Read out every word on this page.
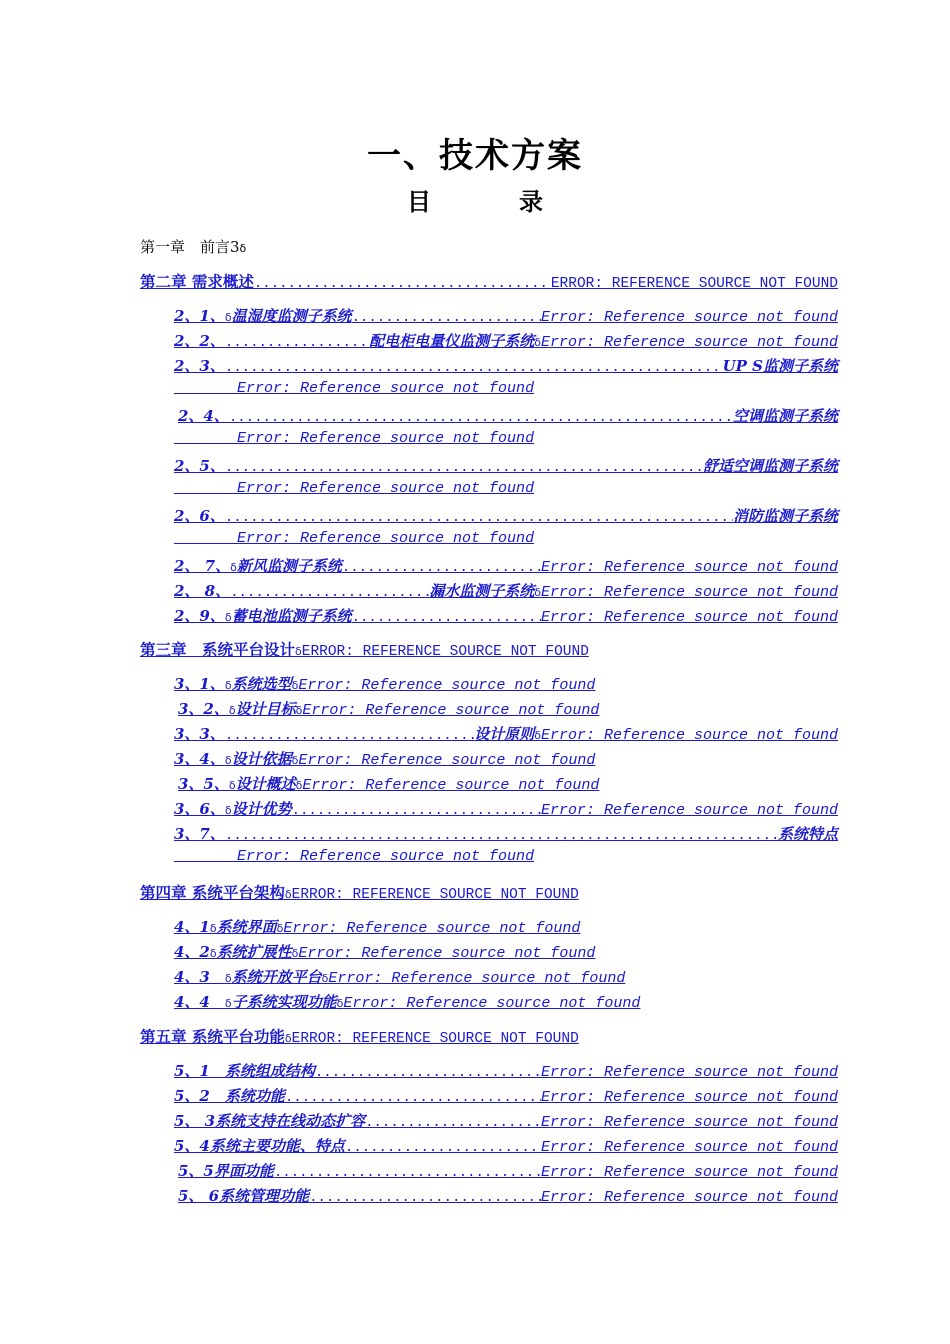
一、技术方案
目	录
第一章　前言3 δ
第二章 需求概述 .....	ERROR: REFERENCE SOURCE NOT FOUND
2、1、 δ 温湿度监测子系统 .....	Error: Reference source not found
2、2、 .....	配电柜电量仪监测子系统 δ Error: Reference source not found
2、3、 .....	UP S监测子系统

Error: Reference source not found
2、4、 .....	空调监测子系统

Error: Reference source not found
2、5、 .....	舒适空调监测子系统

Error: Reference source not found
2、6、 .....	消防监测子系统

Error: Reference source not found
2、 7、 δ 新风监测子系统 .....	Error: Reference source not found
2、 8、 .....	漏水监测子系统 δ Error: Reference source not found
2、9、 δ 蓄电池监测子系统 .....	Error: Reference source not found
第三章　系统平台设计 δ ERROR: REFERENCE SOURCE NOT FOUND
3、1、 δ 系统选型 δ Error: Reference source not found
3、2、 δ 设计目标 δ Error: Reference source not found
3、3、 .....	设计原则 δ Error: Reference source not found
3、4、 δ 设计依据 δ Error: Reference source not found
3、5、 δ 设计概述 δ Error: Reference source not found
3、6、 δ 设计优势 .....	Error: Reference source not found
3、7、 .....	系统特点

Error: Reference source not found
第四章 系统平台架构 δ ERROR: REFERENCE SOURCE NOT FOUND
4、1 δ 系统界面 δ Error: Reference source not found
4、2 δ 系统扩展性 δ Error: Reference source not found
4、3　 δ 系统开放平台 δ Error: Reference source not found
4、4　 δ 子系统实现功能 δ Error: Reference source not found
第五章 系统平台功能 δ ERROR: REFERENCE SOURCE NOT FOUND
5、1　 系统组成结构 .....	Error: Reference source not found
5、2　 系统功能 .....	Error: Reference source not found
5、 3 系统支持在线动态扩容 .....	Error: Reference source not found
5、4 系统主要功能、特点 .....	Error: Reference source not found
5、5 界面功能 .....	Error: Reference source not found
5、 6 系统管理功能 .....	Error: Reference source not found
